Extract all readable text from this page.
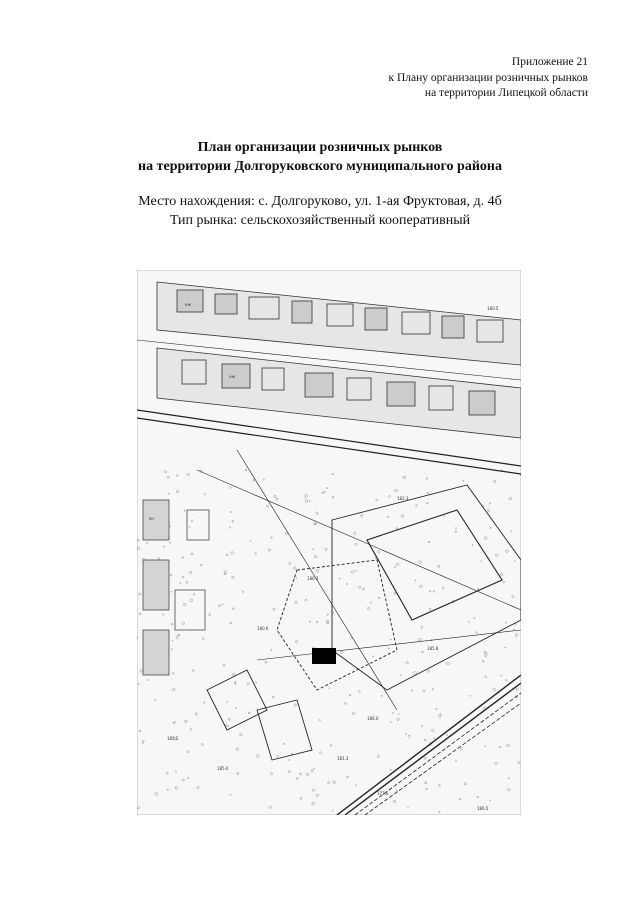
Приложение 21
к Плану организации розничных рынков
на территории Липецкой области
План организации розничных рынков
на территории Долгоруковского муниципального района
Место нахождения: с. Долгоруково, ул. 1-ая Фруктовая, д. 4б
Тип рынка: сельскохозяйственный кооперативный
180.5
182.3
186.3
185.8
180.6
185.5
186.0
185.0
177.6
181.3
186.5
кж
нж
кн
